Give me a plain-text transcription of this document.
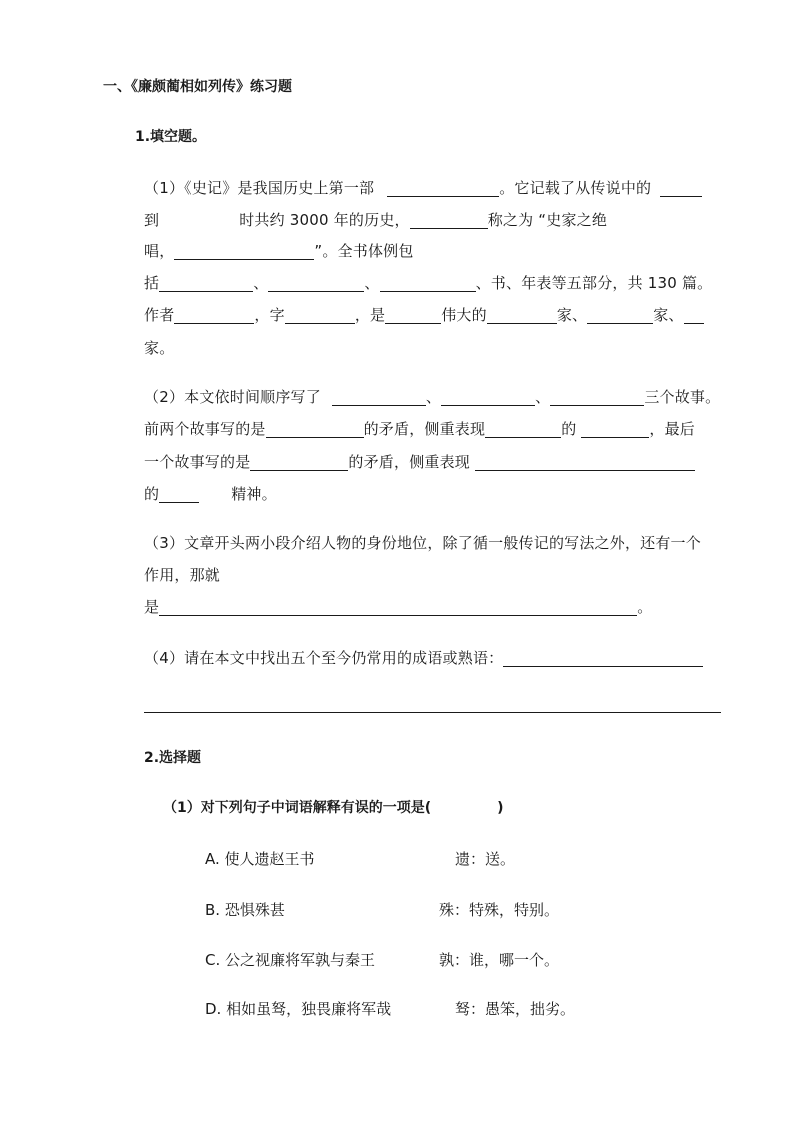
一、《廉颇蔺相如列传》练习题
1.填空题。
（1）《史记》是我国历史上第一部	。它记载了从传说中的
到	时共约 3000 年的历史，	称之为 “史家之绝
唱，	”。全书体例包
括	、	、	、书、年表等五部分，共 130 篇。
作者	，字	，是	伟大的	家、	家、
家。
（2）本文依时间顺序写了	、	、	三个故事。
前两个故事写的是	的矛盾，侧重表现	的	，最后
一个故事写的是	的矛盾，侧重表现
的	精神。
（3）文章开头两小段介绍人物的身份地位，除了循一般传记的写法之外，还有一个
作用，那就
是	。
（4）请在本文中找出五个至今仍常用的成语或熟语：
2.选择题
（1）对下列句子中词语解释有误的一项是(	)
A. 使人遗赵王书	遗：送。
B. 恐惧殊甚	殊：特殊，特别。
C. 公之视廉将军孰与秦王	孰：谁，哪一个。
D. 相如虽驽，独畏廉将军哉	驽：愚笨，拙劣。
